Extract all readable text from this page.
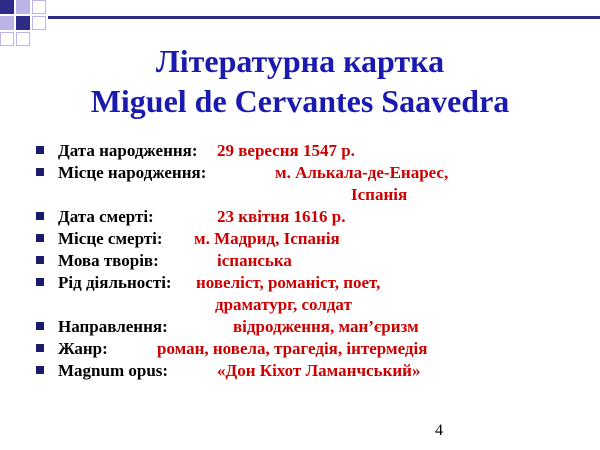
Літературна картка
Miguel de Cervantes Saavedra
Дата народження: 29 вересня 1547 р.
Місце народження:	м. Алькала-де-Енарес,
Іспанія
Дата смерті:	23 квітня 1616 р.
Місце смерті: м. Мадрид, Іспанія
Мова творів:	іспанська
Рід діяльності: новеліст, романіст, поет,
драматург, солдат
Направлення:	відродження, ман’єризм
Жанр:	роман, новела, трагедія, інтермедія
Magnum opus:	«Дон Кіхот Ламанчський»
4
